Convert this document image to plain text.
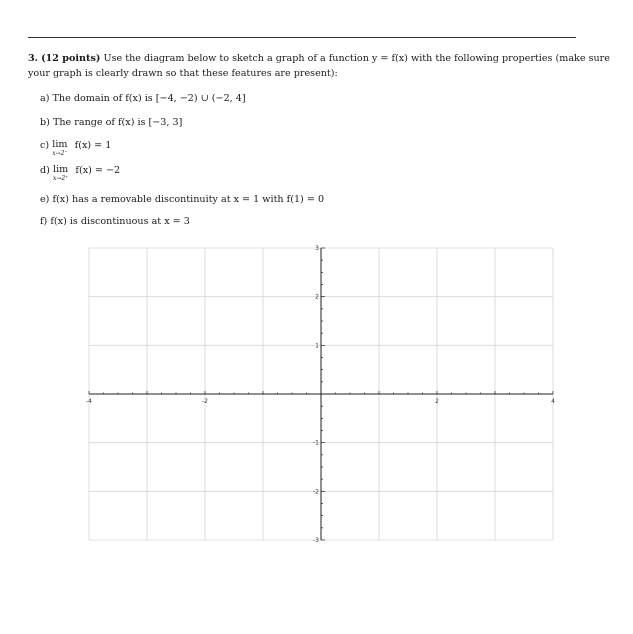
3. (12 points) Use the diagram below to sketch a graph of a function y = f(x) with the following properties (make sure your graph is clearly drawn so that these features are present):
a) The domain of f(x) is [−4, −2) ∪ (−2, 4]
b) The range of f(x) is [−3, 3]
c) lim
x→2⁻
f(x) = 1
d) lim
x→2⁺
f(x) = −2
e) f(x) has a removable discontinuity at x = 1 with f(1) = 0
f) f(x) is discontinuous at x = 3
-4	-2	2	4
3
2
1
-1
-2
-3
